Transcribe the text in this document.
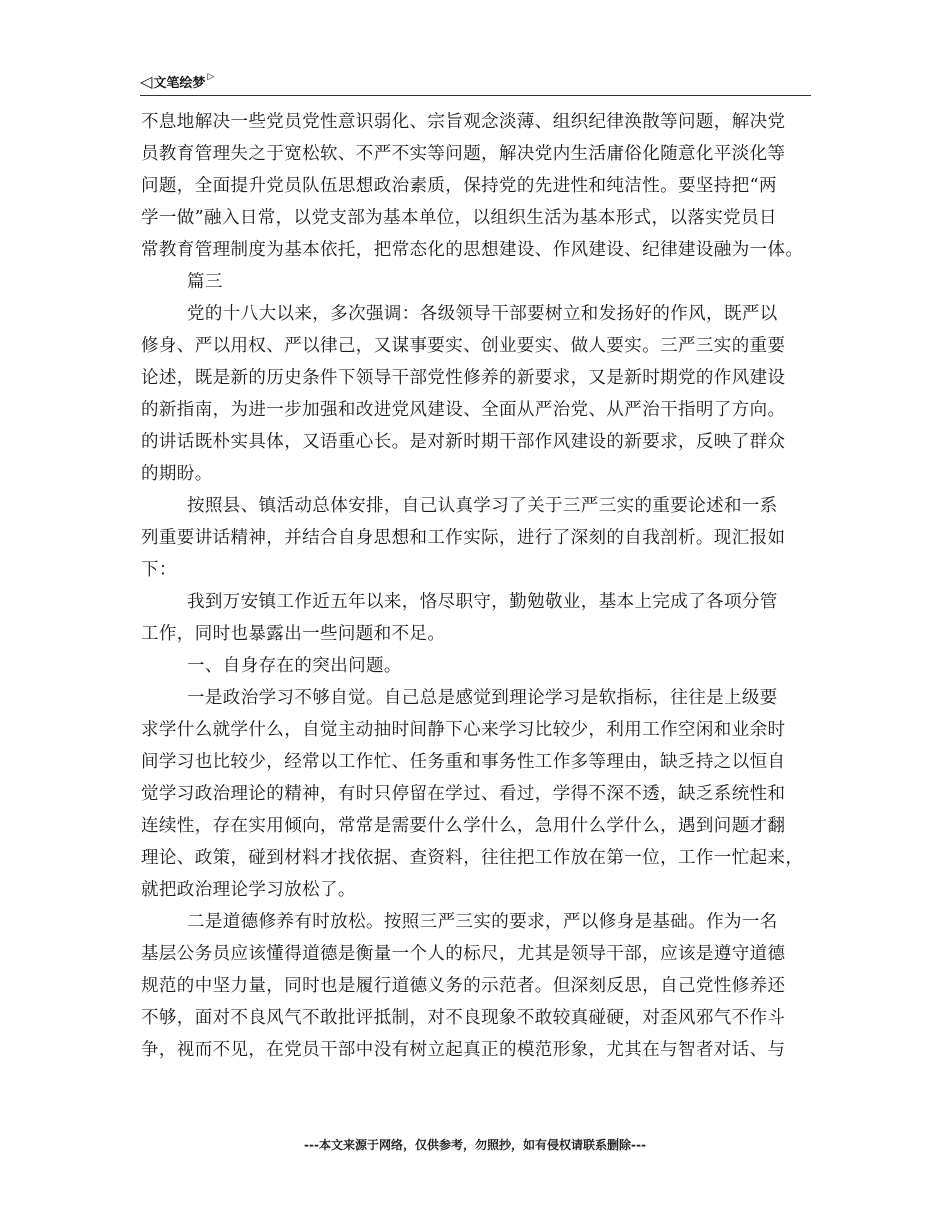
◁文笔绘梦 ▷
不息地解决一些党员党性意识弱化、宗旨观念淡薄、组织纪律涣散等问题，解决党
员教育管理失之于宽松软、不严不实等问题，解决党内生活庸俗化随意化平淡化等
问题，全面提升党员队伍思想政治素质，保持党的先进性和纯洁性。要坚持把“两
学一做”融入日常，以党支部为基本单位，以组织生活为基本形式，以落实党员日
常教育管理制度为基本依托，把常态化的思想建设、作风建设、纪律建设融为一体。
篇三
党的十八大以来，多次强调：各级领导干部要树立和发扬好的作风，既严以
修身、严以用权、严以律己，又谋事要实、创业要实、做人要实。三严三实的重要
论述，既是新的历史条件下领导干部党性修养的新要求，又是新时期党的作风建设
的新指南，为进一步加强和改进党风建设、全面从严治党、从严治干指明了方向。
的讲话既朴实具体，又语重心长。是对新时期干部作风建设的新要求，反映了群众
的期盼。
按照县、镇活动总体安排，自己认真学习了关于三严三实的重要论述和一系
列重要讲话精神，并结合自身思想和工作实际，进行了深刻的自我剖析。现汇报如
下：
我到万安镇工作近五年以来，恪尽职守，勤勉敬业，基本上完成了各项分管
工作，同时也暴露出一些问题和不足。
一、自身存在的突出问题。
一是政治学习不够自觉。自己总是感觉到理论学习是软指标，往往是上级要
求学什么就学什么，自觉主动抽时间静下心来学习比较少，利用工作空闲和业余时
间学习也比较少，经常以工作忙、任务重和事务性工作多等理由，缺乏持之以恒自
觉学习政治理论的精神，有时只停留在学过、看过，学得不深不透，缺乏系统性和
连续性，存在实用倾向，常常是需要什么学什么，急用什么学什么，遇到问题才翻
理论、政策，碰到材料才找依据、查资料，往往把工作放在第一位，工作一忙起来，
就把政治理论学习放松了。
二是道德修养有时放松。按照三严三实的要求，严以修身是基础。作为一名
基层公务员应该懂得道德是衡量一个人的标尺，尤其是领导干部，应该是遵守道德
规范的中坚力量，同时也是履行道德义务的示范者。但深刻反思，自己党性修养还
不够，面对不良风气不敢批评抵制，对不良现象不敢较真碰硬，对歪风邪气不作斗
争，视而不见，在党员干部中没有树立起真正的模范形象，尤其在与智者对话、与
---本文来源于网络，仅供参考，勿照抄，如有侵权请联系删除---
